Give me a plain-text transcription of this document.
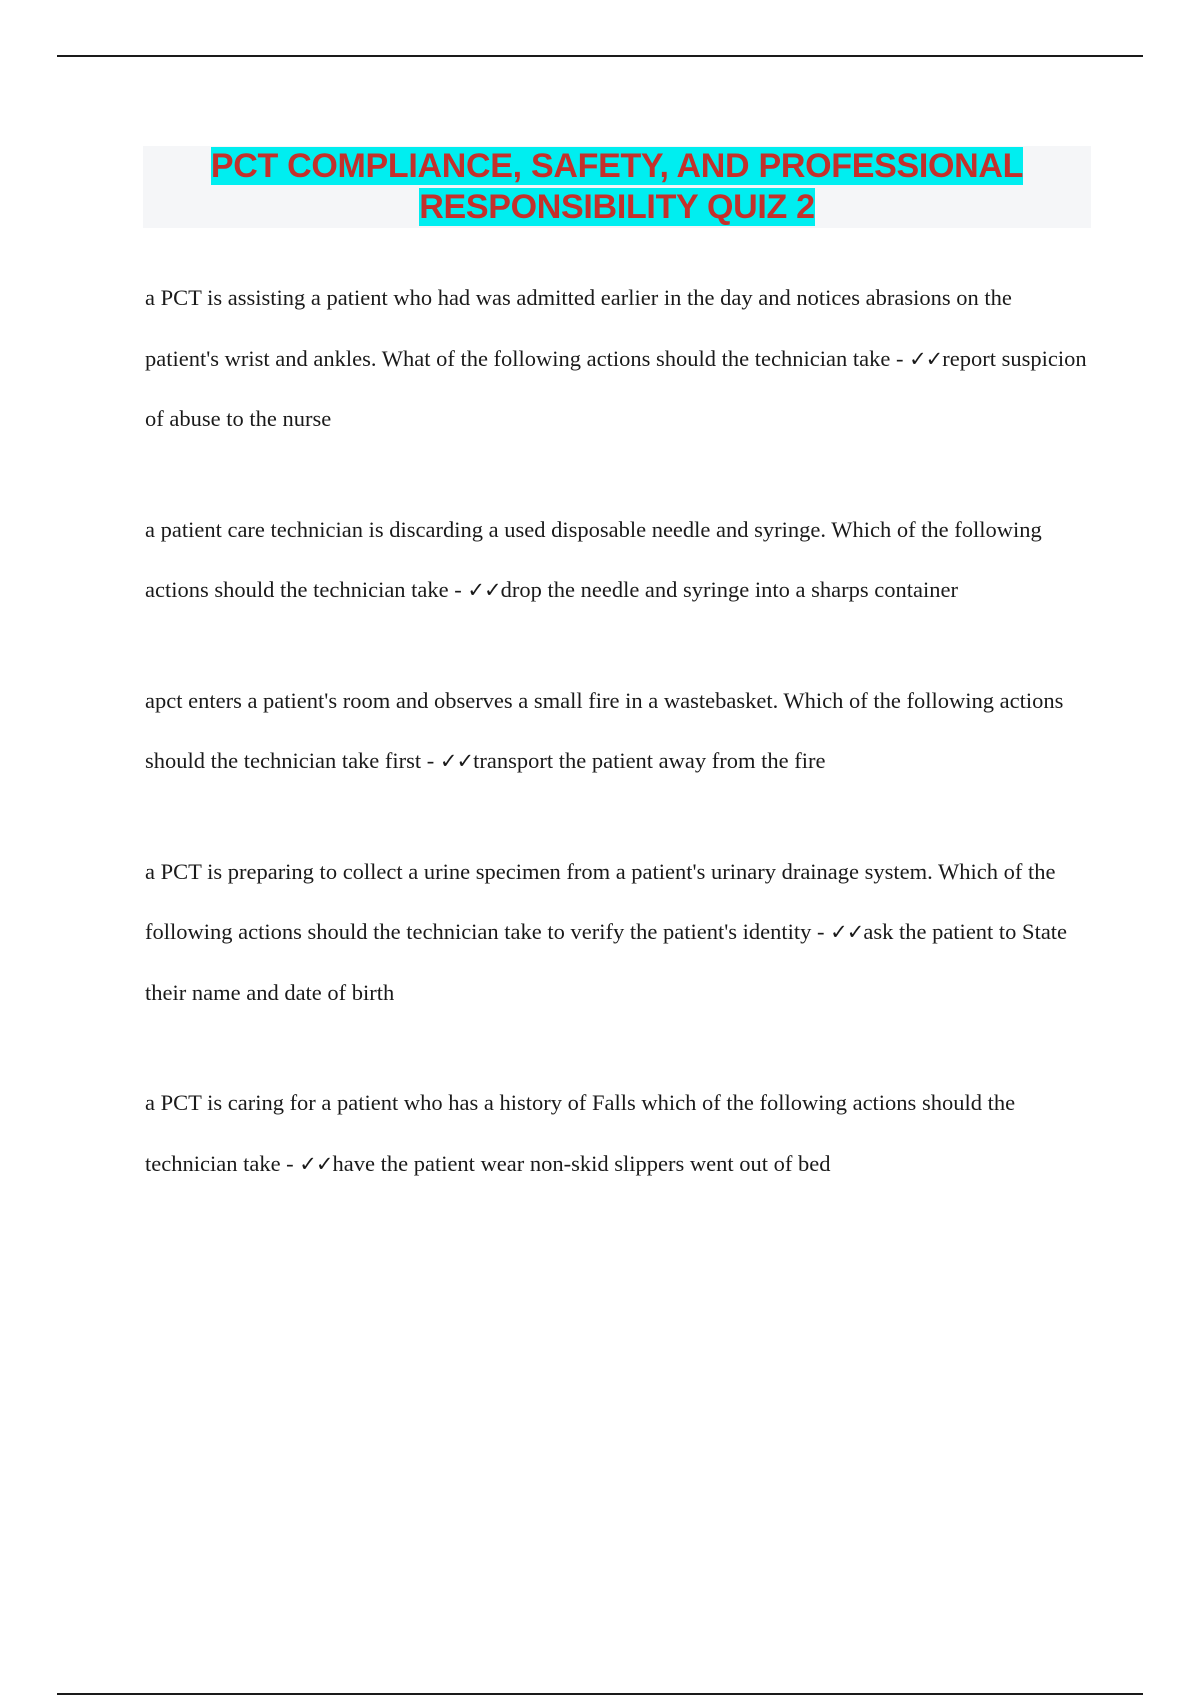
PCT COMPLIANCE, SAFETY, AND PROFESSIONAL RESPONSIBILITY QUIZ 2
a PCT is assisting a patient who had was admitted earlier in the day and notices abrasions on the patient's wrist and ankles. What of the following actions should the technician take - ✓✓report suspicion of abuse to the nurse
a patient care technician is discarding a used disposable needle and syringe. Which of the following actions should the technician take - ✓✓drop the needle and syringe into a sharps container
apct enters a patient's room and observes a small fire in a wastebasket. Which of the following actions should the technician take first - ✓✓transport the patient away from the fire
a PCT is preparing to collect a urine specimen from a patient's urinary drainage system. Which of the following actions should the technician take to verify the patient's identity - ✓✓ask the patient to State their name and date of birth
a PCT is caring for a patient who has a history of Falls which of the following actions should the technician take - ✓✓have the patient wear non-skid slippers went out of bed
